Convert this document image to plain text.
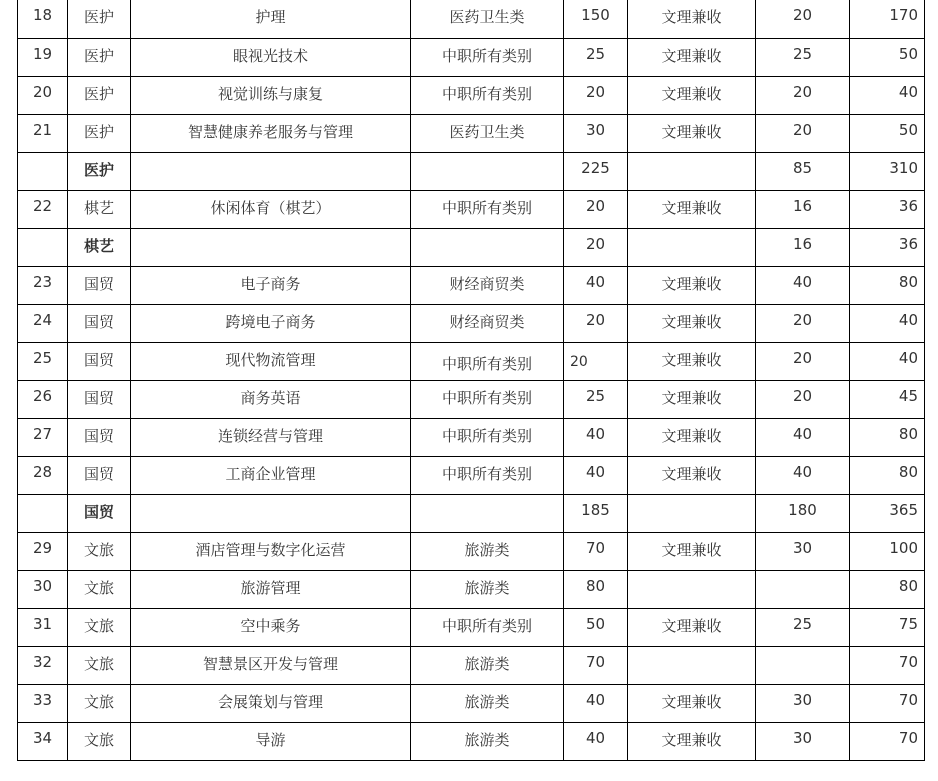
18	医护	护理	医药卫生类	150	文理兼收	20	170
19	医护	眼视光技术	中职所有类别	25	文理兼收	25	50
20	医护	视觉训练与康复	中职所有类别	20	文理兼收	20	40
21	医护	智慧健康养老服务与管理	医药卫生类	30	文理兼收	20	50
	医护			225		85	310
22	棋艺	休闲体育（棋艺）	中职所有类别	20	文理兼收	16	36
	棋艺			20		16	36
23	国贸	电子商务	财经商贸类	40	文理兼收	40	80
24	国贸	跨境电子商务	财经商贸类	20	文理兼收	20	40
25	国贸	现代物流管理	中职所有类别	20	文理兼收	20	40
26	国贸	商务英语	中职所有类别	25	文理兼收	20	45
27	国贸	连锁经营与管理	中职所有类别	40	文理兼收	40	80
28	国贸	工商企业管理	中职所有类别	40	文理兼收	40	80
	国贸			185		180	365
29	文旅	酒店管理与数字化运营	旅游类	70	文理兼收	30	100
30	文旅	旅游管理	旅游类	80			80
31	文旅	空中乘务	中职所有类别	50	文理兼收	25	75
32	文旅	智慧景区开发与管理	旅游类	70			70
33	文旅	会展策划与管理	旅游类	40	文理兼收	30	70
34	文旅	导游	旅游类	40	文理兼收	30	70
